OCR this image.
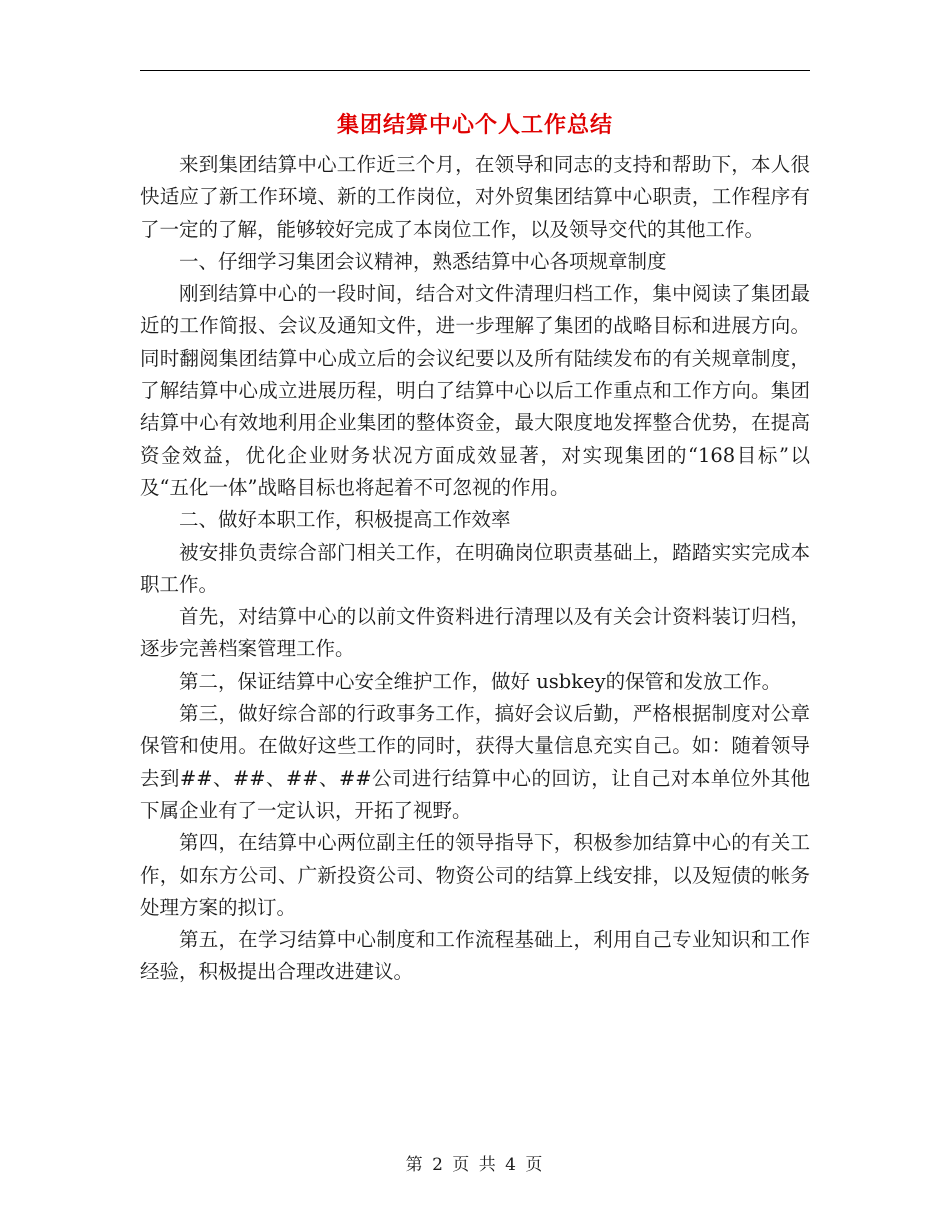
集团结算中心个人工作总结

来到集团结算中心工作近三个月，在领导和同志的支持和帮助下，本人很快适应了新工作环境、新的工作岗位，对外贸集团结算中心职责，工作程序有了一定的了解，能够较好完成了本岗位工作，以及领导交代的其他工作。

一、仔细学习集团会议精神，熟悉结算中心各项规章制度

刚到结算中心的一段时间，结合对文件清理归档工作，集中阅读了集团最近的工作简报、会议及通知文件，进一步理解了集团的战略目标和进展方向。同时翻阅集团结算中心成立后的会议纪要以及所有陆续发布的有关规章制度，了解结算中心成立进展历程，明白了结算中心以后工作重点和工作方向。集团结算中心有效地利用企业集团的整体资金，最大限度地发挥整合优势，在提高资金效益，优化企业财务状况方面成效显著，对实现集团的“168目标”以及“五化一体”战略目标也将起着不可忽视的作用。

二、做好本职工作，积极提高工作效率

被安排负责综合部门相关工作，在明确岗位职责基础上，踏踏实实完成本职工作。

首先，对结算中心的以前文件资料进行清理以及有关会计资料装订归档，逐步完善档案管理工作。

第二，保证结算中心安全维护工作，做好 usbkey的保管和发放工作。

第三，做好综合部的行政事务工作，搞好会议后勤，严格根据制度对公章保管和使用。在做好这些工作的同时，获得大量信息充实自己。如：随着领导去到##、##、##、##公司进行结算中心的回访，让自己对本单位外其他下属企业有了一定认识，开拓了视野。

第四，在结算中心两位副主任的领导指导下，积极参加结算中心的有关工作，如东方公司、广新投资公司、物资公司的结算上线安排，以及短债的帐务处理方案的拟订。

第五，在学习结算中心制度和工作流程基础上，利用自己专业知识和工作经验，积极提出合理改进建议。

第 2 页 共 4 页
